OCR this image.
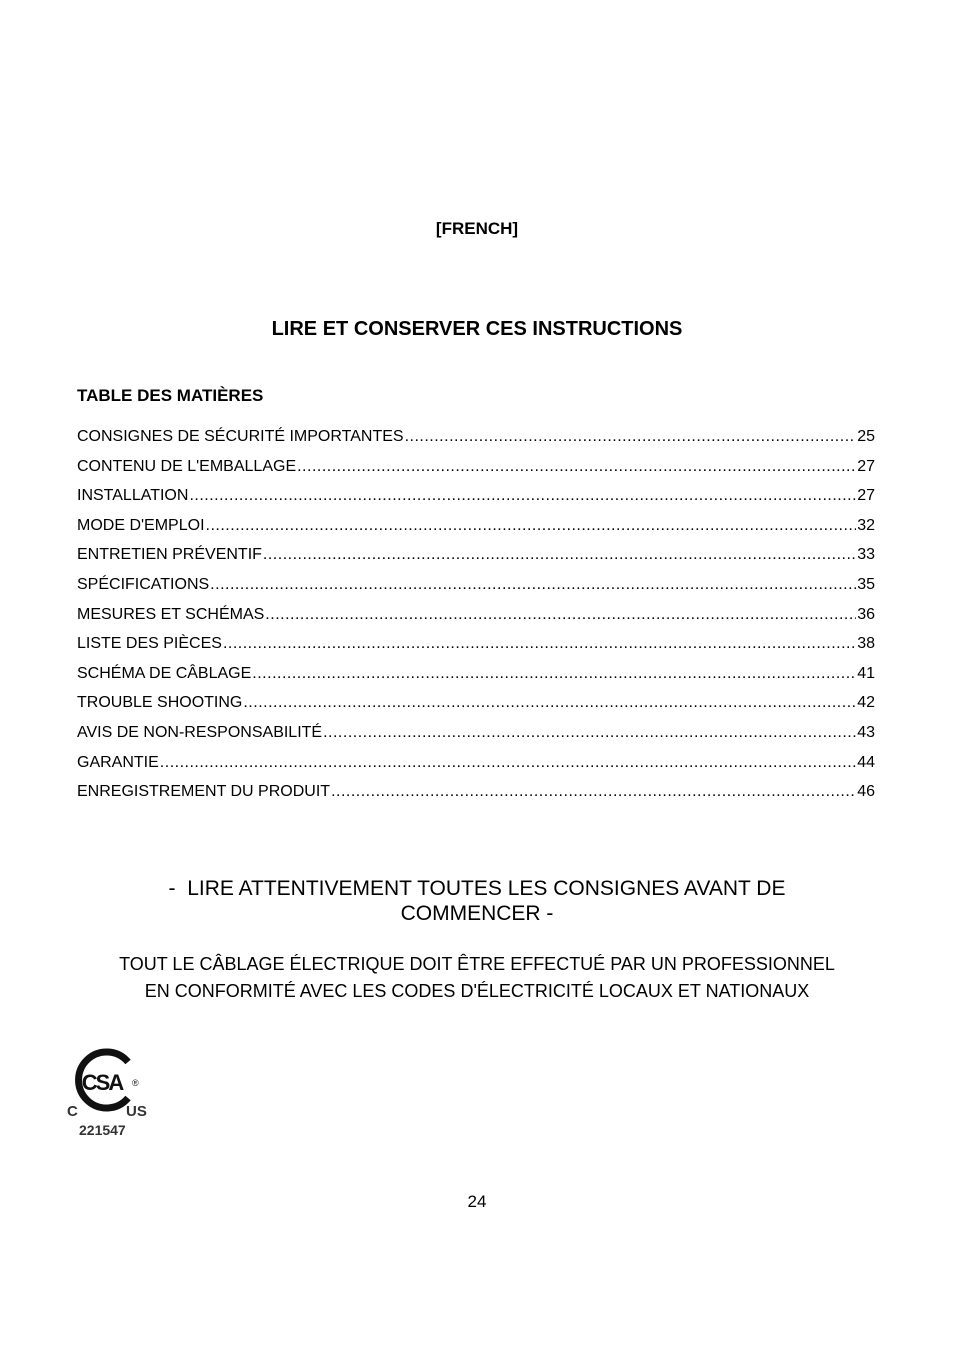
[FRENCH]
LIRE ET CONSERVER CES INSTRUCTIONS
TABLE DES MATIÈRES
CONSIGNES DE SÉCURITÉ IMPORTANTES .....	25
CONTENU DE L'EMBALLAGE .....	27
INSTALLATION .....	27
MODE D'EMPLOI .....	32
ENTRETIEN PRÉVENTIF .....	33
SPÉCIFICATIONS .....	35
MESURES ET SCHÉMAS .....	36
LISTE DES PIÈCES .....	38
SCHÉMA DE CÂBLAGE .....	41
TROUBLE SHOOTING .....	42
AVIS DE NON-RESPONSABILITÉ .....	43
GARANTIE .....	44
ENREGISTREMENT DU PRODUIT .....	46
-  LIRE ATTENTIVEMENT TOUTES LES CONSIGNES AVANT DE
COMMENCER -
TOUT LE CÂBLAGE ÉLECTRIQUE DOIT ÊTRE EFFECTUÉ PAR UN PROFESSIONNEL
EN CONFORMITÉ AVEC LES CODES D'ÉLECTRICITÉ LOCAUX ET NATIONAUX
CSA ®
C	US
221547
24
